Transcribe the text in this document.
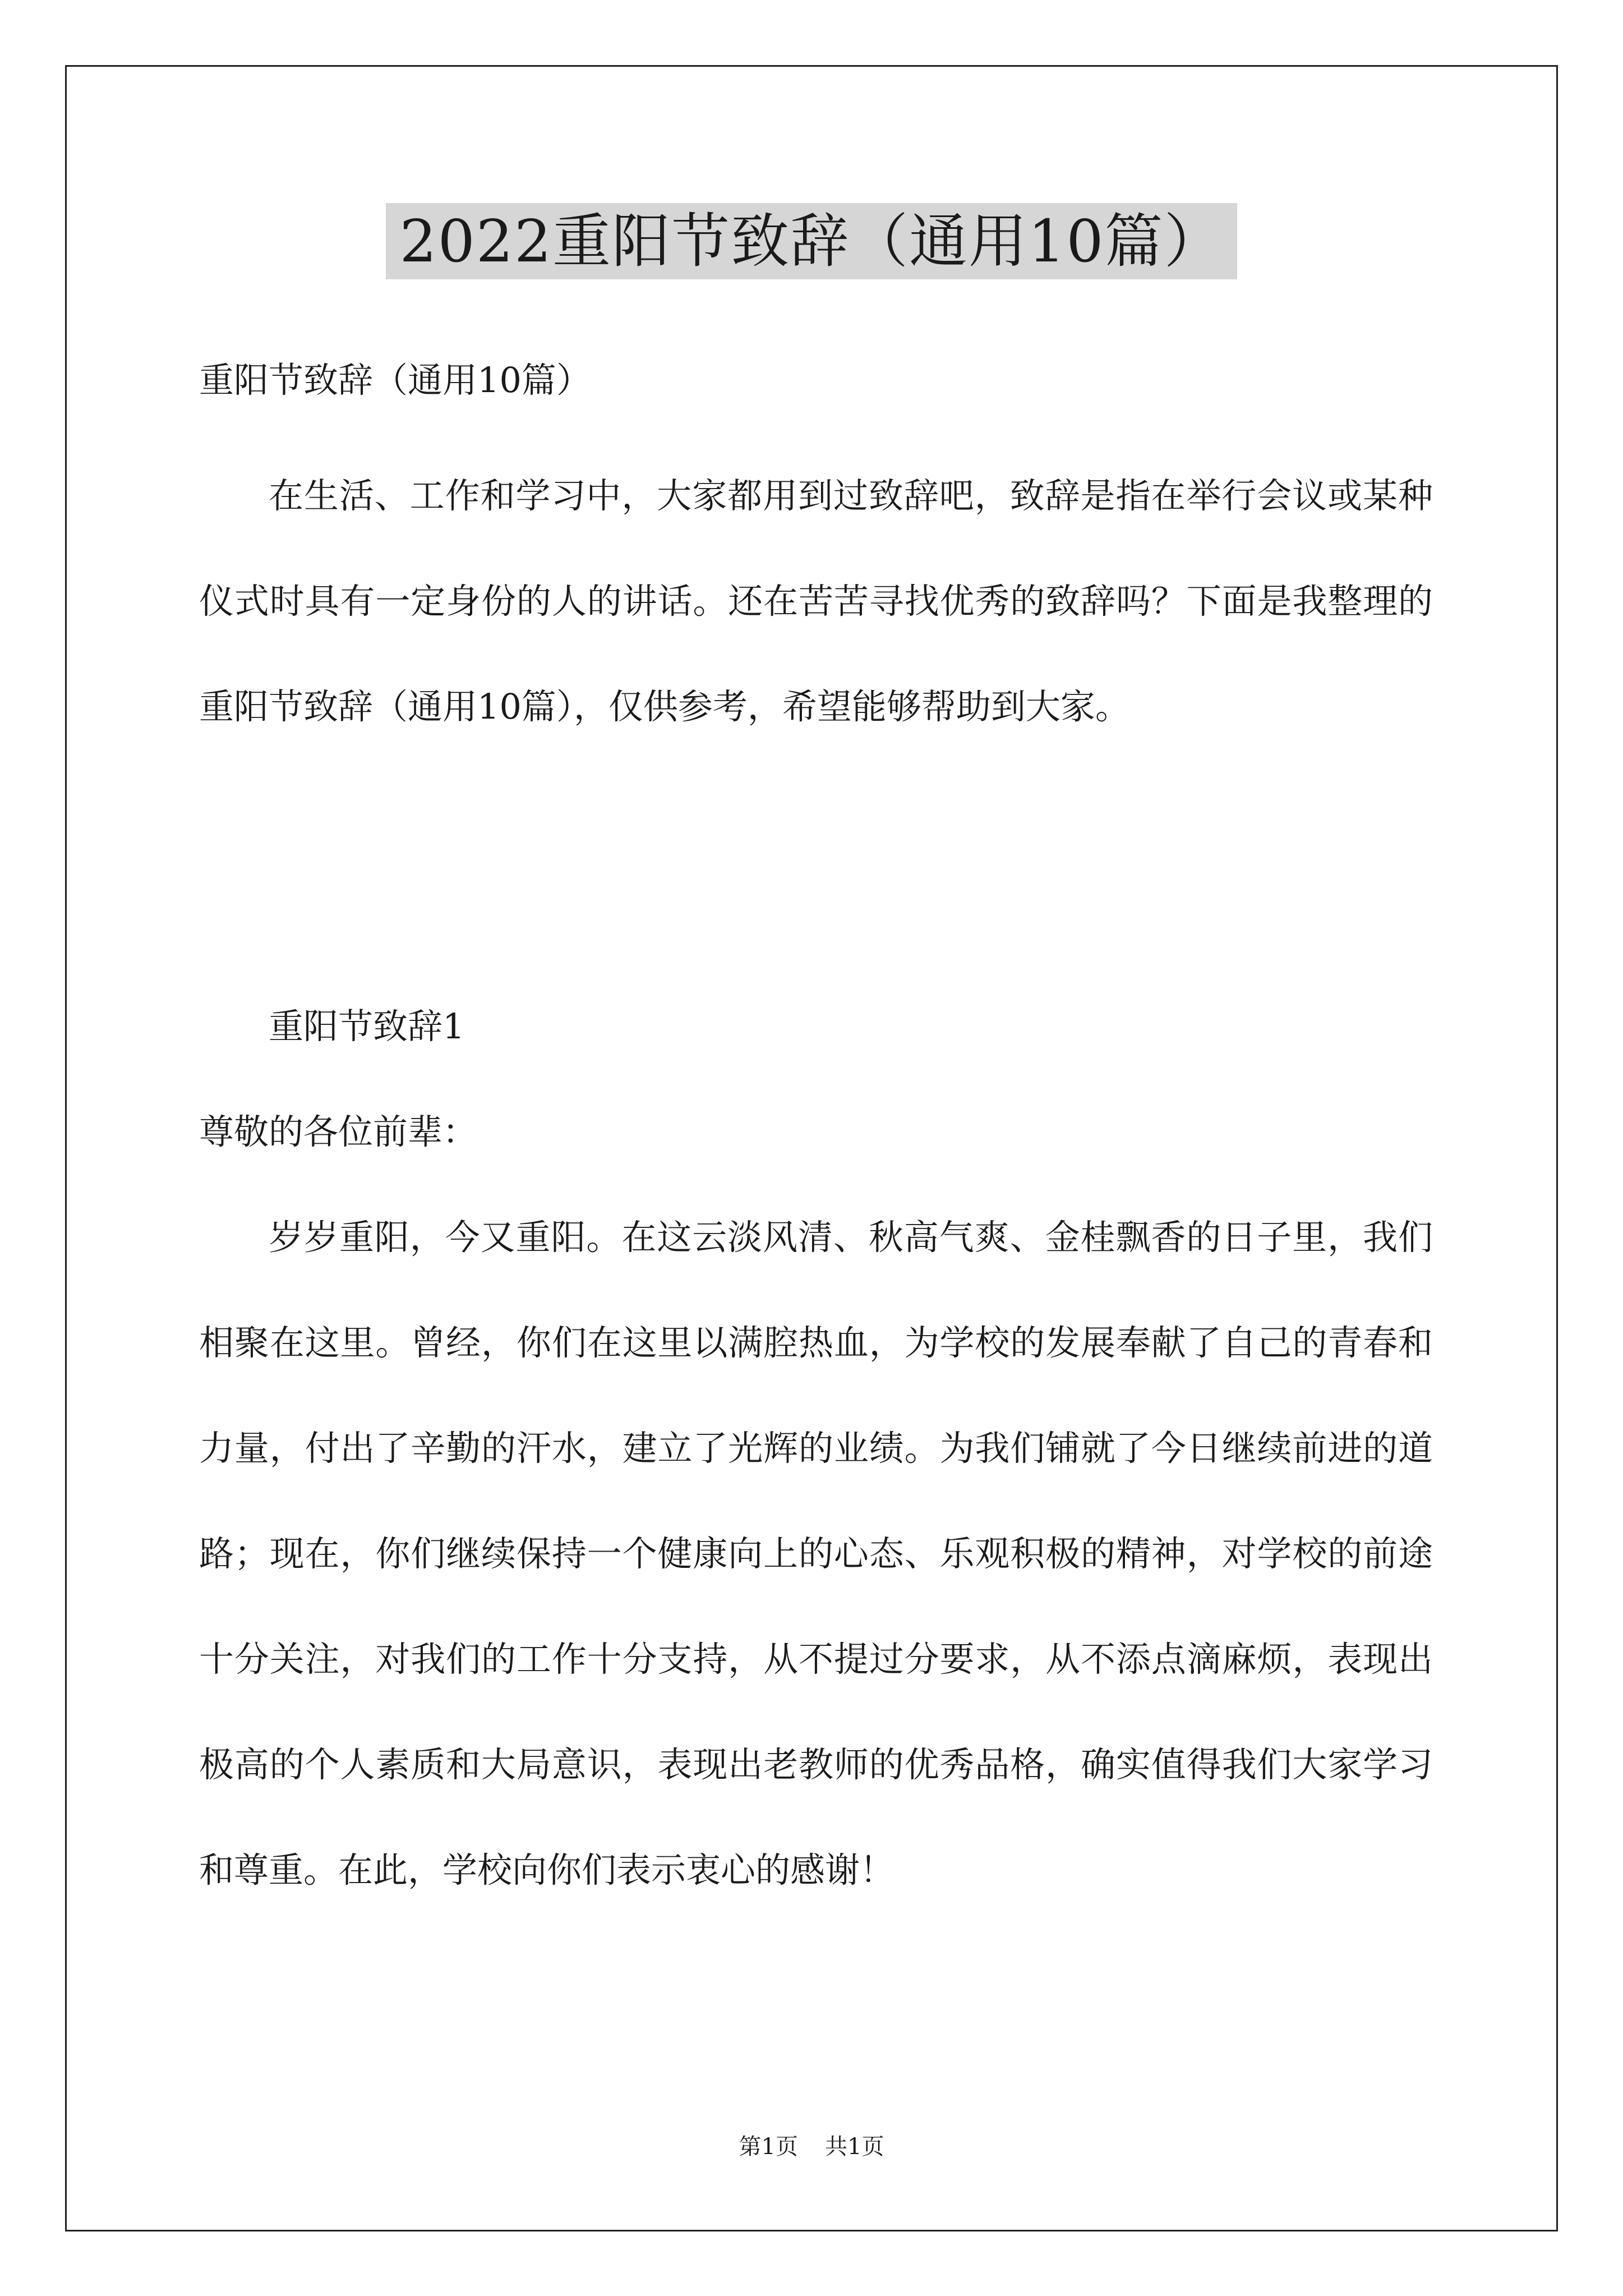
2022重阳节致辞（通用10篇）

重阳节致辞（通用10篇）

在生活、工作和学习中，大家都用到过致辞吧，致辞是指在举行会议或某种仪式时具有一定身份的人的讲话。还在苦苦寻找优秀的致辞吗？下面是我整理的重阳节致辞（通用10篇），仅供参考，希望能够帮助到大家。

重阳节致辞1

尊敬的各位前辈：

岁岁重阳，今又重阳。在这云淡风清、秋高气爽、金桂飘香的日子里，我们相聚在这里。曾经，你们在这里以满腔热血，为学校的发展奉献了自己的青春和力量，付出了辛勤的汗水，建立了光辉的业绩。为我们铺就了今日继续前进的道路；现在，你们继续保持一个健康向上的心态、乐观积极的精神，对学校的前途十分关注，对我们的工作十分支持，从不提过分要求，从不添点滴麻烦，表现出极高的个人素质和大局意识，表现出老教师的优秀品格，确实值得我们大家学习和尊重。在此，学校向你们表示衷心的感谢！

第1页 共1页
